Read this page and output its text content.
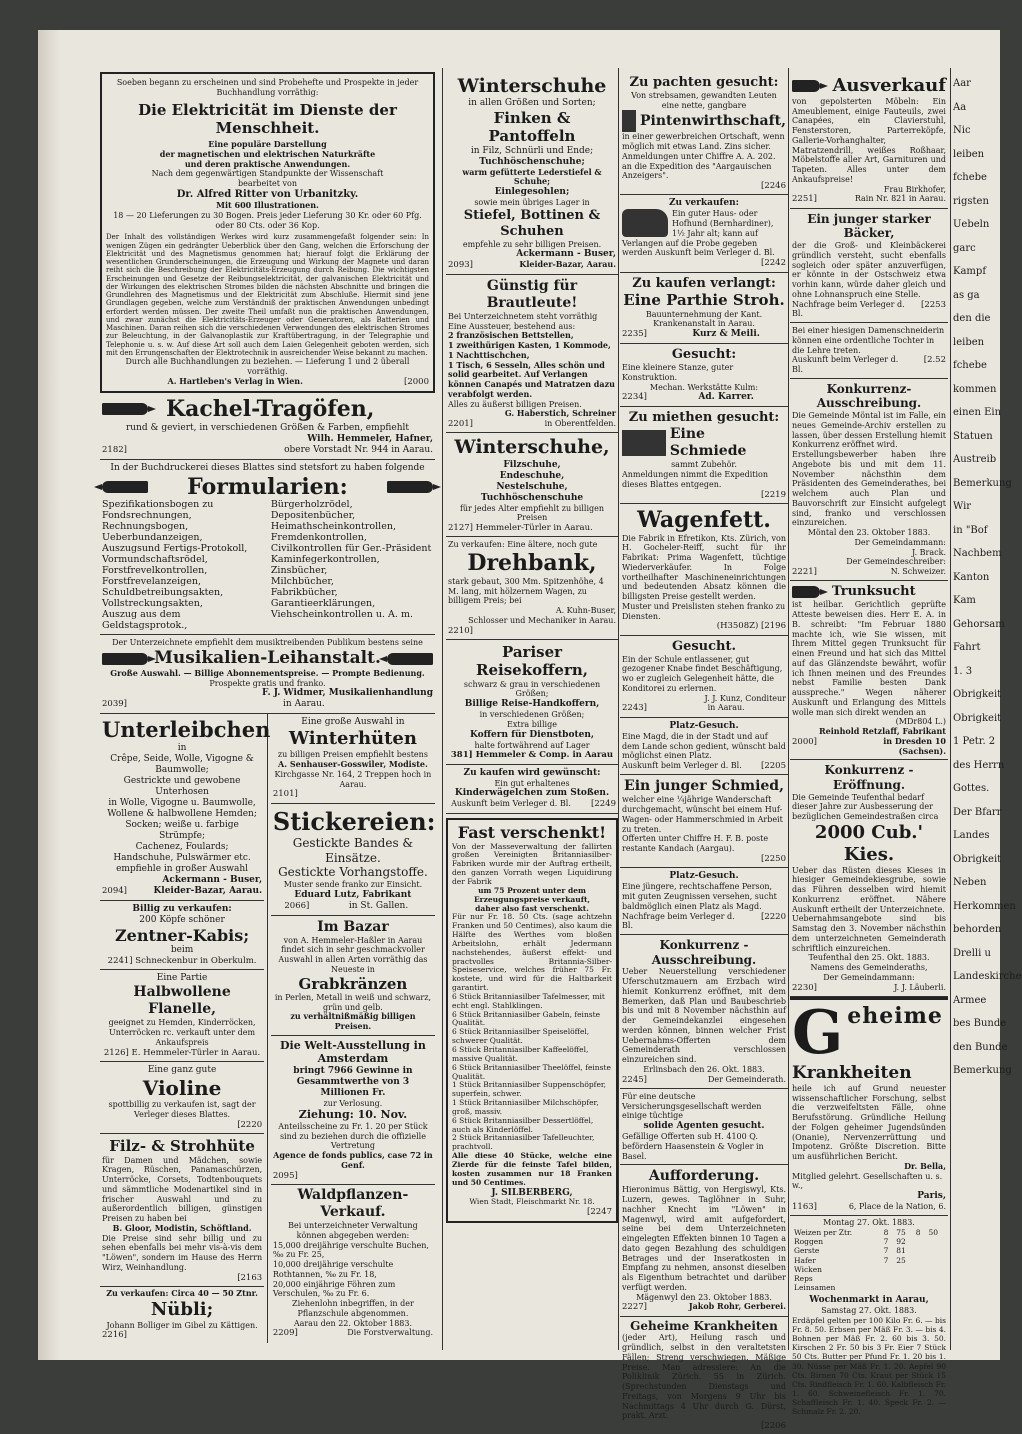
Soeben begann zu erscheinen und sind Probehefte und Prospekte in jeder Buchhandlung vorräthig:
Die Elektricität im Dienste der Menschheit.
Eine populäre Darstellung
der magnetischen und elektrischen Naturkräfte
und deren praktische Anwendungen.
Nach dem gegenwärtigen Standpunkte der Wissenschaft
bearbeitet von
Dr. Alfred Ritter von Urbanitzky.
Mit 600 Illustrationen.
18 — 20 Lieferungen zu 30 Bogen. Preis jeder Lieferung 30 Kr. oder 60 Pfg. oder 80 Cts. oder 36 Kop.
Der Inhalt des vollständigen Werkes wird kurz zusammengefaßt folgender sein: In wenigen Zügen ein gedrängter Ueberblick über den Gang, welchen die Erforschung der Elektricität und des Magnetismus genommen hat; hierauf folgt die Erklärung der wesentlichen Grunderscheinungen, die Erzeugung und Wirkung der Magnete und daran reiht sich die Beschreibung der Elektricitäts-Erzeugung durch Reibung. Die wichtigsten Erscheinungen und Gesetze der Reibungselektricität, der galvanischen Elektricität und der Wirkungen des elektrischen Stromes bilden die nächsten Abschnitte und bringen die Grundlehren des Magnetismus und der Elektricität zum Abschluße. Hiermit sind jene Grundlagen gegeben, welche zum Verständniß der praktischen Anwendungen unbedingt erfordert werden müssen. Der zweite Theil umfaßt nun die praktischen Anwendungen, und zwar zunächst die Elektricitäts-Erzeuger oder Generatoren, als Batterien und Maschinen. Daran reihen sich die verschiedenen Verwendungen des elektrischen Stromes zur Beleuchtung, in der Galvanoplastik zur Kraftübertragung, in der Telegraphie und Telephonie u. s. w. Auf diese Art soll auch dem Laien Gelegenheit geboten werden, sich mit den Errungenschaften der Elektrotechnik in ausreichender Weise bekannt zu machen.
Durch alle Buchhandlungen zu beziehen. — Lieferung 1 und 2 überall vorräthig.
A. Hartleben's Verlag in Wien.	[2000
Kachel-Tragöfen,
rund & geviert, in verschiedenen Größen & Farben, empfiehlt
Wilh. Hemmeler, Hafner,
2182]	obere Vorstadt Nr. 944 in Aarau.
In der Buchdruckerei dieses Blattes sind stetsfort zu haben folgende
Formularien:
Spezifikationsbogen zu Fondsrechnungen,
Rechnungsbogen,
Ueberbundanzeigen,
Auszugsund Fertigs-Protokoll,
Vormundschaftsrödel,
Forstfrevelkontrollen,
Forstfrevelanzeigen,
Schuldbetreibungsakten,
Vollstreckungsakten,
Auszug aus dem Geldstagsprotok.,
Bürgerholzrödel,
Depositenbücher,
Heimathscheinkontrollen,
Fremdenkontrollen,
Civilkontrollen für Ger.-Präsident
Kaminfegerkontrollen,
Zinsbücher,
Milchbücher,
Fabrikbücher,
Garantieerklärungen,
Viehscheinkontrollen u. A. m.
Der Unterzeichnete empfiehlt dem musiktreibenden Publikum bestens seine
Musikalien-Leihanstalt.
Große Auswahl. — Billige Abonnementspreise. — Prompte Bedienung.
Prospekte gratis und franko.
F. J. Widmer, Musikalienhandlung
2039]	in Aarau.
Unterleibchen
in
Crêpe, Seide, Wolle, Vigogne & Baumwolle;
Gestrickte und gewobene
Unterhosen
in Wolle, Vigogne u. Baumwolle,
Wollene & halbwollene Hemden;
Socken; weiße u. farbige Strümpfe;
Cachenez, Foulards;
Handschuhe, Pulswärmer etc.
empfiehle in großer Auswahl
Ackermann - Buser,
2094]	Kleider-Bazar, Aarau.
Billig zu verkaufen:
200 Köpfe schöner
Zentner-Kabis;
beim
2241] Schneckenbur in Oberkulm.
Eine Partie
Halbwollene Flanelle,
geeignet zu Hemden, Kinderröcken, Unterröcken rc. verkauft unter dem Ankaufspreis
2126] E. Hemmeler-Türler in Aarau.
Eine ganz gute
Violine
spottbillig zu verkaufen ist, sagt der Verleger dieses Blattes.
[2220
Filz- & Strohhüte
für Damen und Mädchen, sowie Kragen, Rüschen, Panamaschürzen, Unterröcke, Corsets, Todtenbouquets und sämmtliche Modenartikel sind in frischer Auswahl und zu außerordentlich billigen, günstigen Preisen zu haben bei
B. Gloor, Modistin, Schöftland.
Die Preise sind sehr billig und zu sehen ebenfalls bei mehr vis-à-vis dem "Löwen", sondern im Hause des Herrn Wirz, Weinhandlung.
[2163
Zu verkaufen: Circa 40 — 50 Ztnr.
Nübli;
Johann Bolliger im Gibel zu Kättigen.
2216]
Eine große Auswahl in
Winterhüten
zu billigen Preisen empfiehlt bestens
A. Senhauser-Gosswiler, Modiste.
Kirchgasse Nr. 164, 2 Treppen hoch in Aarau.
2101]
Stickereien:
Gestickte Bandes & Einsätze.
Gestickte Vorhangstoffe.
Muster sende franko zur Einsicht.
Eduard Lutz, Fabrikant
2066]	in St. Gallen.
Im Bazar
von A. Hemmeler-Haßler in Aarau findet sich in sehr geschmackvoller Auswahl in allen Arten vorräthig das Neueste in
Grabkränzen
in Perlen, Metall in weiß und schwarz, grün und gelb.
zu verhältnißmäßig billigen Preisen.
Die Welt-Ausstellung in Amsterdam
bringt 7966 Gewinne in
Gesammtwerthe von 3 Millionen Fr.
zur Verlosung.
Ziehung: 10. Nov.
Anteilsscheine zu Fr. 1. 20 per Stück sind zu beziehen durch die offizielle Vertretung
Agence de fonds publics, case 72 in Genf.
2095]
Waldpflanzen-Verkauf.
Bei unterzeichneter Verwaltung können abgegeben werden:
15,000 dreijährige verschulte Buchen, ‰ zu Fr. 25,
10,000 dreijährige verschulte Rothtannen, ‰ zu Fr. 18,
20,000 einjährige Föhren zum Verschulen, ‰ zu Fr. 6.
Ziehenlohn inbegriffen, in der Pflanzschule abgenommen.
Aarau den 22. Oktober 1883.
2209]	Die Forstverwaltung.
Winterschuhe
in allen Größen und Sorten;
Finken & Pantoffeln
in Filz, Schnürli und Ende;
Tuchhöschenschuhe;
warm gefütterte Lederstiefel & Schuhe;
Einlegesohlen;
sowie mein übriges Lager in
Stiefel, Bottinen & Schuhen
empfehle zu sehr billigen Preisen.
Ackermann - Buser,
2093]	Kleider-Bazar, Aarau.
Günstig für Brautleute!
Bei Unterzeichnetem steht vorräthig Eine Aussteuer, bestehend aus:
2 französischen Bettstellen,
1 zweithürigen Kasten, 1 Kommode, 1 Nachttischchen,
1 Tisch, 6 Sesseln, Alles schön und solid gearbeitet. Auf Verlangen können Canapés und Matratzen dazu verabfolgt werden.
Alles zu äußerst billigen Preisen.
G. Haberstich, Schreiner
2201]	in Oberentfelden.
Winterschuhe,
Filzschuhe,
Endeschuhe,
Nestelschuhe,
Tuchhöschenschuhe
für jedes Alter empfiehlt zu billigen Preisen
2127] Hemmeler-Türler in Aarau.
Zu verkaufen: Eine ältere, noch gute
Drehbank,
stark gebaut, 300 Mm. Spitzenhöhe, 4 M. lang, mit hölzernem Wagen, zu billigem Preis; bei
A. Kuhn-Buser,
Schlosser und Mechaniker in Aarau.
2210]
Pariser Reisekoffern,
schwarz & grau in verschiedenen Größen;
Billige Reise-Handkoffern,
in verschiedenen Größen;
Extra billige
Koffern für Dienstboten,
halte fortwährend auf Lager
381] Hemmeler & Comp. in Aarau
Zu kaufen wird gewünscht:
Ein gut erhaltenes
Kinderwägelchen zum Stoßen.
Auskunft beim Verleger d. Bl.	[2249
Fast verschenkt!
Von der Masseverwaltung der fallirten großen Vereinigten Britanniasilber-Fabriken wurde mir der Auftrag ertheilt, den ganzen Vorrath wegen Liquidirung der Fabrik
um 75 Prozent unter dem Erzeugungspreise verkauft,
daher also fast verschenkt.
Für nur Fr. 18. 50 Cts. (sage achtzehn Franken und 50 Centimes), also kaum die Hälfte des Werthes vom bloßen Arbeitslohn, erhält Jedermann nachstehendes, äußerst effekt- und practvolles Britannia-Silber-Speiseservice, welches früher 75 Fr. kostete, und wird für die Haltbarkeit garantirt.
6 Stück Britanniasilber Tafelmesser, mit echt engl. Stahlklingen.
6 Stück Britanniasilber Gabeln, feinste Qualität.
6 Stück Britanniasilber Speiselöffel, schwerer Qualität.
6 Stück Britanniasilber Kaffeelöffel, massive Qualität.
6 Stück Britanniasilber Theelöffel, feinste Qualität.
1 Stück Britanniasilber Suppenschöpfer, superfein, schwer.
1 Stück Britanniasilber Milchschöpfer, groß, massiv.
6 Stück Britanniasilber Dessertlöffel, auch als Kinderlöffel.
2 Stück Britanniasilber Tafelleuchter, prachtvoll.
Alle diese 40 Stücke, welche eine Zierde für die feinste Tafel bilden, kosten zusammen nur 18 Franken und 50 Centimes.
J. SILBERBERG,
Wien Stadt, Fleischmarkt Nr. 18.
[2247
Zu pachten gesucht:
Von strebsamen, gewandten Leuten eine nette, gangbare
Pintenwirthschaft,
in einer gewerbreichen Ortschaft, wenn möglich mit etwas Land. Zins sicher. Anmeldungen unter Chiffre A. A. 202. an die Expedition des "Aargauischen Anzeigers".
[2246
Zu verkaufen:
Ein guter Haus- oder Hofhund (Bernhardiner), 1½ Jahr alt; kann auf Verlangen auf die Probe gegeben werden Auskunft beim Verleger d. Bl.
[2242
Zu kaufen verlangt:
Eine Parthie Stroh.
Bauunternehmung der Kant. Krankenanstalt in Aarau.
2235]	Kurz & Meili.
Gesucht:
Eine kleinere Stanze, guter Konstruktion.
Mechan. Werkstätte Kulm:
2234]	Ad. Karrer.
Zu miethen gesucht:
Eine Schmiede
sammt Zubehör.
Anmeldungen nimmt die Expedition dieses Blattes entgegen.
[2219
Wagenfett.
Die Fabrik in Efretikon, Kts. Zürich, von H. Gocheler-Reiff, sucht für ihr Fabrikat: Prima Wagenfett, tüchtige Wiederverkäufer. In Folge vortheilhafter Maschineneinrichtungen und bedeutenden Absatz können die billigsten Preise gestellt werden.
Muster und Preislisten stehen franko zu Diensten.
(H3508Z) [2196
Gesucht.
Ein der Schule entlassener, gut gezogener Knabe findet Beschäftigung, wo er zugleich Gelegenheit hätte, die Konditorei zu erlernen.
J. J. Kunz, Conditeur
2243]	in Aarau.
Platz-Gesuch.
Eine Magd, die in der Stadt und auf dem Lande schon gedient, wünscht bald möglichst einen Platz.
Auskunft beim Verleger d. Bl.	[2205
Ein junger Schmied,
welcher eine ¼jährige Wanderschaft durchgemacht, wünscht bei einem Huf- Wagen- oder Hammerschmied in Arbeit zu treten.
Offerten unter Chiffre H. F. B. poste restante Kandach (Aargau).
[2250
Platz-Gesuch.
Eine jüngere, rechtschaffene Person, mit guten Zeugnissen versehen, sucht baldmöglich einen Platz als Magd.
Nachfrage beim Verleger d. Bl.
[2220
Konkurrenz - Ausschreibung.
Ueber Neuerstellung verschiedener Uferschutzmauern am Erzbach wird hiemit Konkurrenz eröffnet, mit dem Bemerken, daß Plan und Baubeschrieb bis und mit 8 November nächsthin auf der Gemeindekanzlei eingesehen werden können, binnen welcher Frist Uebernahms-Offerten dem Gemeinderath verschlossen einzureichen sind.
Erlinsbach den 26. Okt. 1883.
2245]	Der Gemeinderath.
Für eine deutsche Versicherungsgesellschaft werden einige tüchtige
solide Agenten gesucht.
Gefällige Offerten sub H. 4100 Q. befördern Haasenstein & Vogler in Basel.
Aufforderung.
Hieronimus Bättig, von Hergiswyl, Kts. Luzern, gewes. Taglöhner in Suhr, nachher Knecht im "Löwen" in Magenwyl, wird amit aufgefordert, seine bei dem Unterzeichneten eingelegten Effekten binnen 10 Tagen a dato gegen Bezahlung des schuldigen Betrages und der Inseratkosten in Empfang zu nehmen, ansonst dieselben als Eigenthum betrachtet und darüber verfügt werden.
Mägenwyl den 23. Oktober 1883.
2227]	Jakob Rohr, Gerberei.
Geheime Krankheiten
(jeder Art), Heilung rasch und gründlich, selbst in den veraltetsten Fällen; Streng verschwiegen. Mäßige Preise. Man adressiere: An die Poliklinik Zürich. 55 in Zürich. (Sprechstunden Dienstags und Freitags, von Morgens 9 Uhr bis Nachmittags 4 Uhr durch G. Dürst, prakt. Arzt.
[2206
Ausverkauf
von gepolsterten Möbeln: Ein Ameublement, einige Fauteuils, zwei Canapées, ein Clavierstuhl, Fensterstoren, Parterreköpfe, Gallerie-Vorhanghalter, Matratzendrill, weißes Roßhaar, Möbelstoffe aller Art, Garnituren und Tapeten. Alles unter dem Ankaufspreise!
Frau Birkhofer,
2251]	Rain Nr. 821 in Aarau.
Ein junger starker Bäcker,
der die Groß- und Kleinbäckerei gründlich versteht, sucht ebenfalls sogleich oder später anzuverfügen, er könnte in der Ostschweiz etwa vorhin kann, würde daher gleich und ohne Lohnanspruch eine Stelle.
Nachfrage beim Verleger d. Bl.
[2253
Bei einer hiesigen Damenschneiderin können eine ordentliche Tochter in die Lehre treten.
Auskunft beim Verleger d. Bl.
[2.52
Konkurrenz-Ausschreibung.
Die Gemeinde Möntal ist im Falle, ein neues Gemeinde-Archiv erstellen zu lassen, über dessen Erstellung hiemit Konkurrenz eröffnet wird.
Erstellungsbewerber haben ihre Angebote bis und mit dem 11. November nächsthin dem Präsidenten des Gemeinderathes, bei welchem auch Plan und Bauvorschrift zur Einsicht aufgelegt sind, franko und verschlossen einzureichen.
Möntal den 23. Oktober 1883.
Der Gemeindammann:
J. Brack.
Der Gemeindeschreiber:
2221]	N. Schweizer.
Trunksucht
ist heilbar. Gerichtlich geprüfte Atteste beweisen dies. Herr E. A. in B. schreibt: "Im Februar 1880 machte ich, wie Sie wissen, mit Ihrem Mittel gegen Trunksucht für einen Freund und hat sich das Mittel auf das Glänzendste bewährt, wofür ich Ihnen meinen und des Freundes nebst Familie besten Dank ausspreche." Wegen näherer Auskunft und Erlangung des Mittels wolle man sich direkt wenden an
(MDr804 L.)
Reinhold Retzlaff, Fabrikant
2000]	in Dresden 10 (Sachsen).
Konkurrenz - Eröffnung.
Die Gemeinde Teufenthal bedarf dieser Jahre zur Ausbesserung der bezüglichen Gemeindestraßen circa
2000 Cub.' Kies.
Ueber das Rüsten dieses Kieses in hiesiger Gemeindekiesgrube, sowie das Führen desselben wird hiemit Konkurrenz eröffnet. Nähere Auskunft ertheilt der Unterzeichnete.
Uebernahmsangebote sind bis Samstag den 3. November nächsthin dem unterzeichneten Gemeinderath schriftlich einzureichen.
Teufenthal den 25. Okt. 1883.
Namens des Gemeinderaths,
Der Gemeindammann:
2230]	J. J. Läuberli.
G eheime
Krankheiten
heile ich auf Grund neuester wissenschaftlicher Forschung, selbst die verzweifeltsten Fälle, ohne Berufsstörung. Gründliche Heilung der Folgen geheimer Jugendsünden (Onanie), Nervenzerrüttung und Impotenz. Größte Discretion. Bitte um ausführlichen Bericht.
Dr. Bella,
Mitglied gelehrt. Gesellschaften u. s. w.,
Paris,
1163]	6, Place de la Nation, 6.
Montag 27. Okt. 1883.
Weizen per Ztr.	8	75	8	50
Roggen	7	92		
Gerste	7	81		
Hafer	7	25		
Wicken				
Reps				
Leinsamen				
Wochenmarkt in Aarau,
Samstag 27. Okt. 1883.
Erdäpfel gelten per 100 Kilo Fr. 6. — bis Fr. 8. 50. Erbsen per Mäß Fr. 3. — bis 4. Bohnen per Mäß Fr. 2. 60 bis 3. 50. Kirschen 2 Fr. 50 bis 3 Fr. Eier 7 Stück 50 Cts. Butter per Pfund Fr. 1. 20 bis 1. 30. Nüsse per Mäß Fr. 1. 20. Aepfel 90 Cts. Birnen 70 Cts. Kraut per Stück 15 Cts. Rindfleisch Fr. 1. 60. Kalbfleisch Fr. 1. 60. Schweinefleisch Fr. 1. 70. Schaffleisch Fr. 1. 40. Speck Fr. 2. — Schmalz Fr. 2. 20.
Aar
Aa
Nic
leiben
fchebe
rigsten
Uebeln
garc
Kampf
as ga
den die
leiben
fchebe
kommen
einen Ein
Statuen
Austreib
Bemerkung
Wir
in "Bof
Nachbem
Kanton
Kam
Gehorsam
Fahrt
1. 3
Obrigkeit
Obrigkeit
1 Petr. 2
des Herrn
Gottes.
Der Bfarr
Landes
Obrigkeit
Neben
Herkommen
behorden
Drelli u
Landeskirche
Armee
bes Bunde
den Bunde
Bemerkung
